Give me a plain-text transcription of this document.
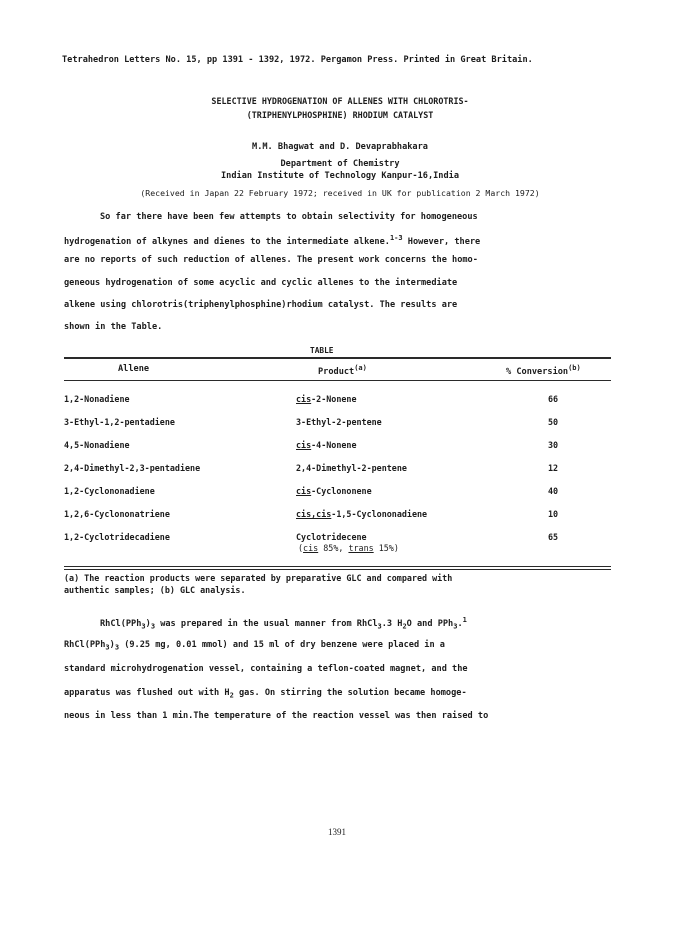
Tetrahedron Letters No. 15, pp 1391 - 1392, 1972. Pergamon Press. Printed in Great Britain.
SELECTIVE HYDROGENATION OF ALLENES WITH CHLOROTRIS-
(TRIPHENYLPHOSPHINE) RHODIUM CATALYST
M.M. Bhagwat and D. Devaprabhakara
Department of Chemistry
Indian Institute of Technology Kanpur-16,India
(Received in Japan 22 February 1972; received in UK for publication 2 March 1972)
So far there have been few attempts to obtain selectivity for homogeneous
hydrogenation of alkynes and dienes to the intermediate alkene.$^{1-3}$ However, there
are no reports of such reduction of allenes. The present work concerns the homo-
geneous hydrogenation of some acyclic and cyclic allenes to the intermediate
alkene using chlorotris(triphenylphosphine)rhodium catalyst. The results are
shown in the Table.
TABLE
Allene	Product$^{(a)}$	% Conversion$^{(b)}$
1,2-Nonadiene	cis-2-Nonene	66
3-Ethyl-1,2-pentadiene	3-Ethyl-2-pentene	50
4,5-Nonadiene	cis-4-Nonene	30
2,4-Dimethyl-2,3-pentadiene	2,4-Dimethyl-2-pentene	12
1,2-Cyclononadiene	cis-Cyclononene	40
1,2,6-Cyclononatriene	cis,cis-1,5-Cyclononadiene	10
1,2-Cyclotridecadiene	Cyclotridecene	65
(cis 85%, trans 15%)
(a) The reaction products were separated by preparative GLC and compared with
authentic samples; (b) GLC analysis.
$RhCl(PPh_3)_3$ was prepared in the usual manner from RhCl$_3$.3 $H_2O$ and PPh$_3$.$^1$
$RhCl(PPh_3)_3$ (9.25 mg, 0.01 mmol) and 15 ml of dry benzene were placed in a
standard microhydrogenation vessel, containing a teflon-coated magnet, and the
apparatus was flushed out with $H_2$ gas. On stirring the solution became homoge-
neous in less than 1 min.The temperature of the reaction vessel was then raised to
1391
